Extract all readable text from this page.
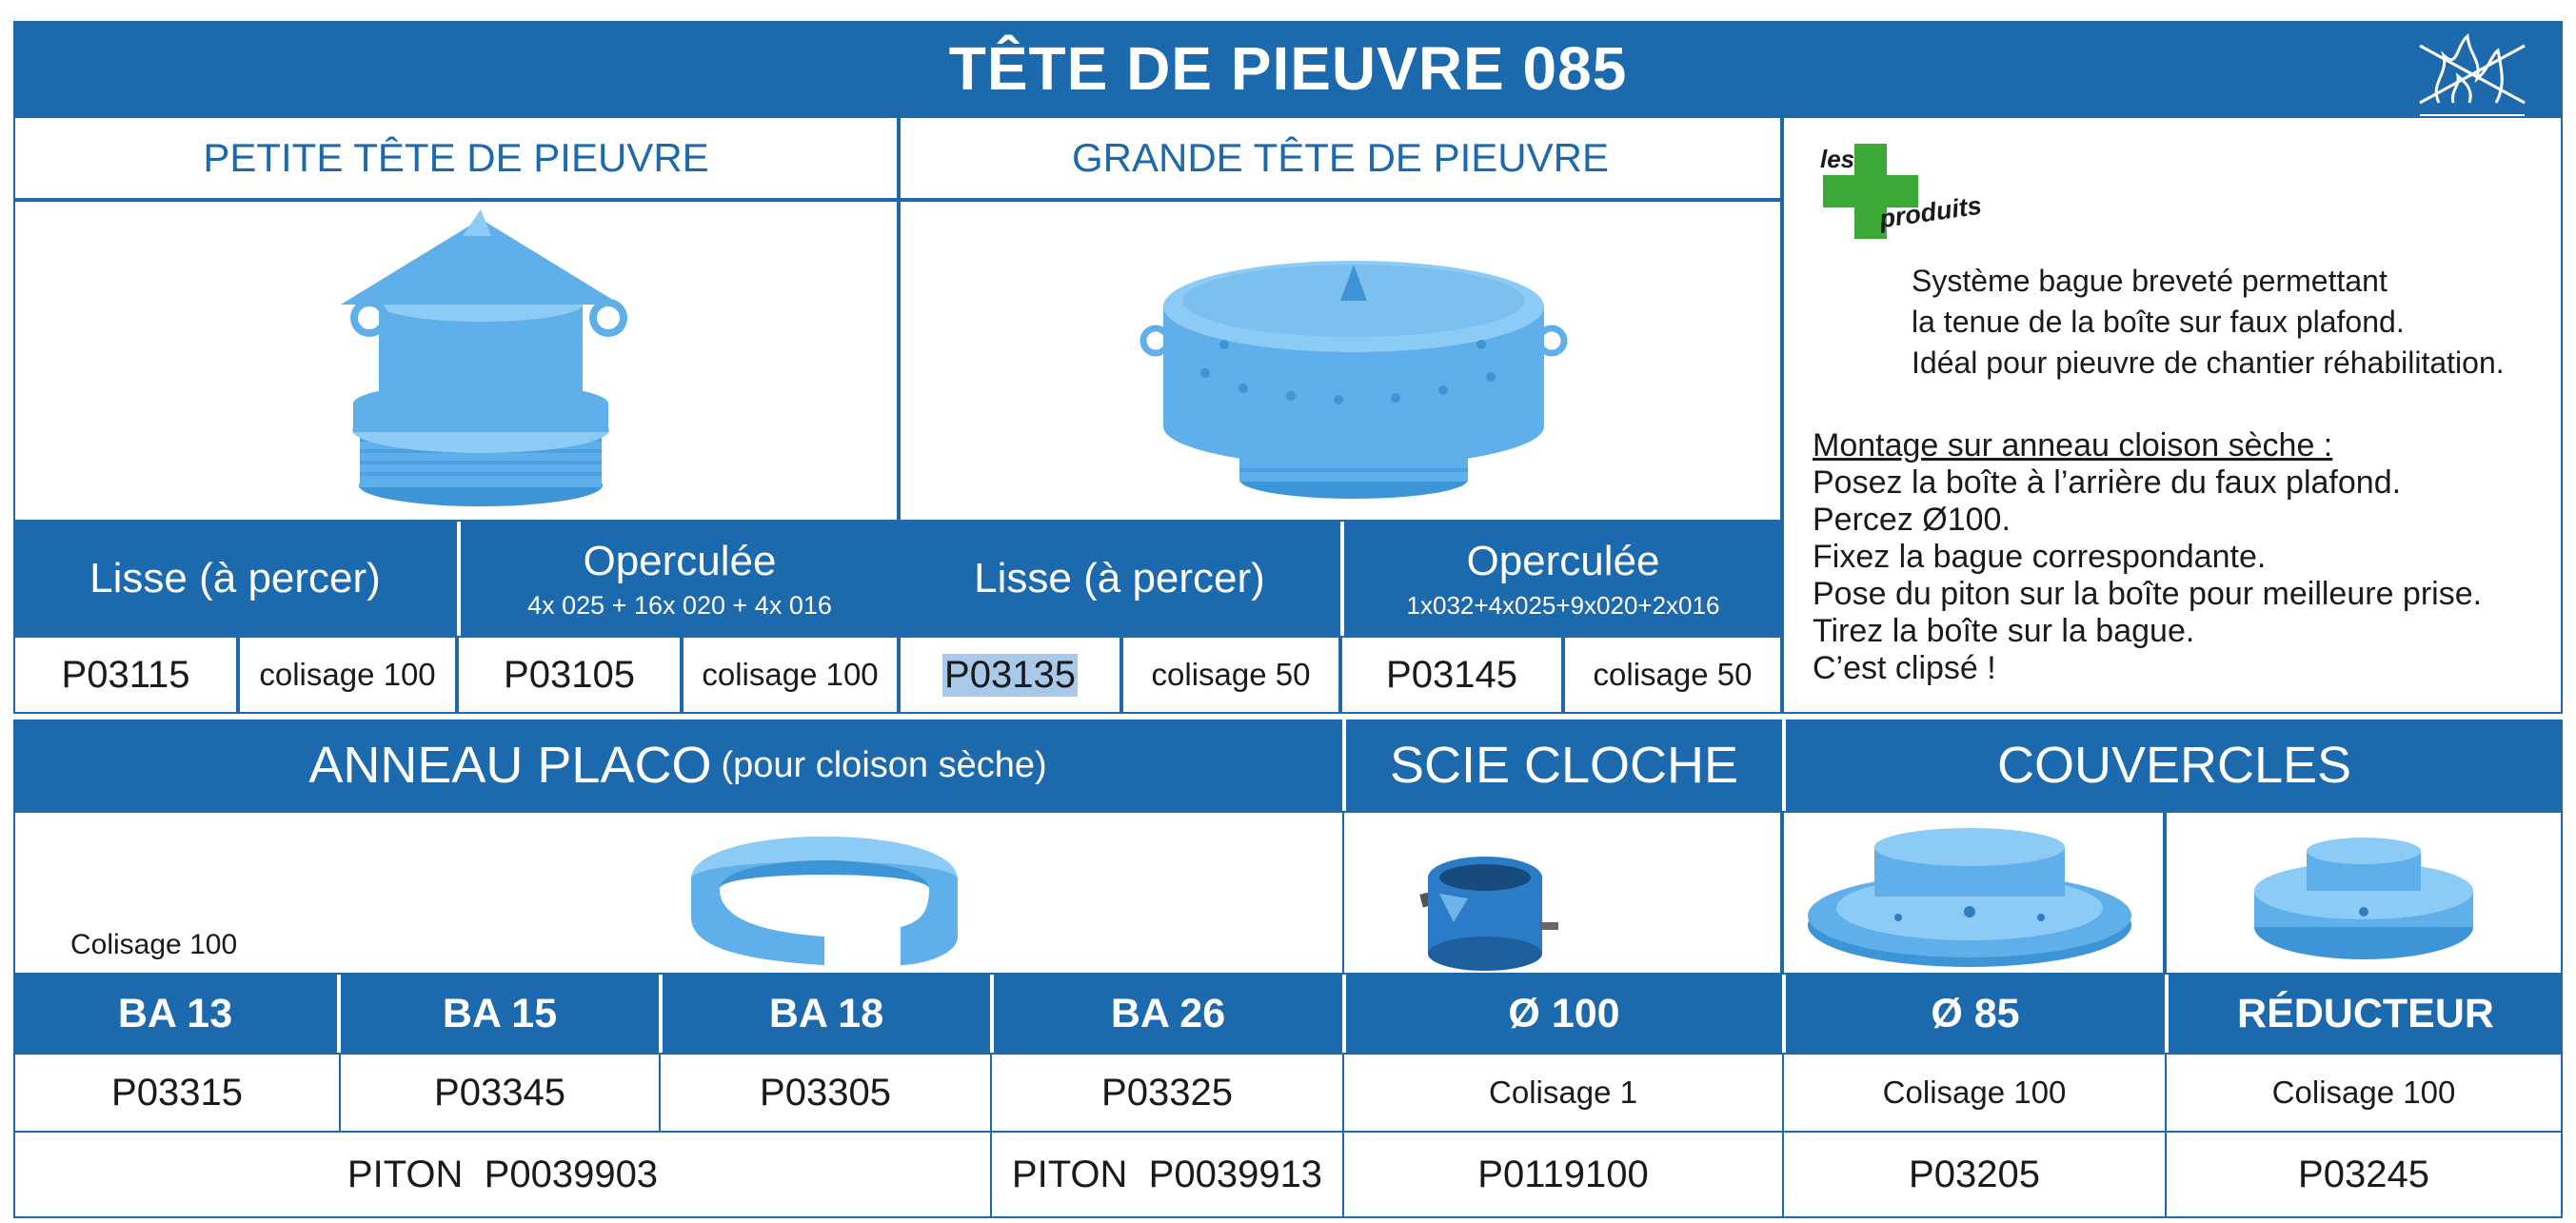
TÊTE DE PIEUVRE 085
PETITE TÊTE DE PIEUVRE
Lisse (à percer)	Operculée
4x 025 + 16x 020 + 4x 016
P03115 colisage 100 P03105 colisage 100
GRANDE TÊTE DE PIEUVRE
Lisse (à percer)	Operculée
1x032+4x025+9x020+2x016
P03135 colisage 50 P03145 colisage 50
les
produits
Système bague breveté permettant
la tenue de la boîte sur faux plafond.
Idéal pour pieuvre de chantier réhabilitation.
Montage sur anneau cloison sèche :
Posez la boîte à l’arrière du faux plafond.
Percez Ø100.
Fixez la bague correspondante.
Pose du piton sur la boîte pour meilleure prise.
Tirez la boîte sur la bague.
C’est clipsé !
ANNEAU PLACO (pour cloison sèche)	SCIE CLOCHE	COUVERCLES
Colisage 100
BA 13	BA 15	BA 18	BA 26	Ø 100	Ø 85	RÉDUCTEUR
P03315	P03345	P03305	P03325	Colisage 1	Colisage 100	Colisage 100
PITON  P0039903	PITON  P0039913	P0119100	P03205	P03245
